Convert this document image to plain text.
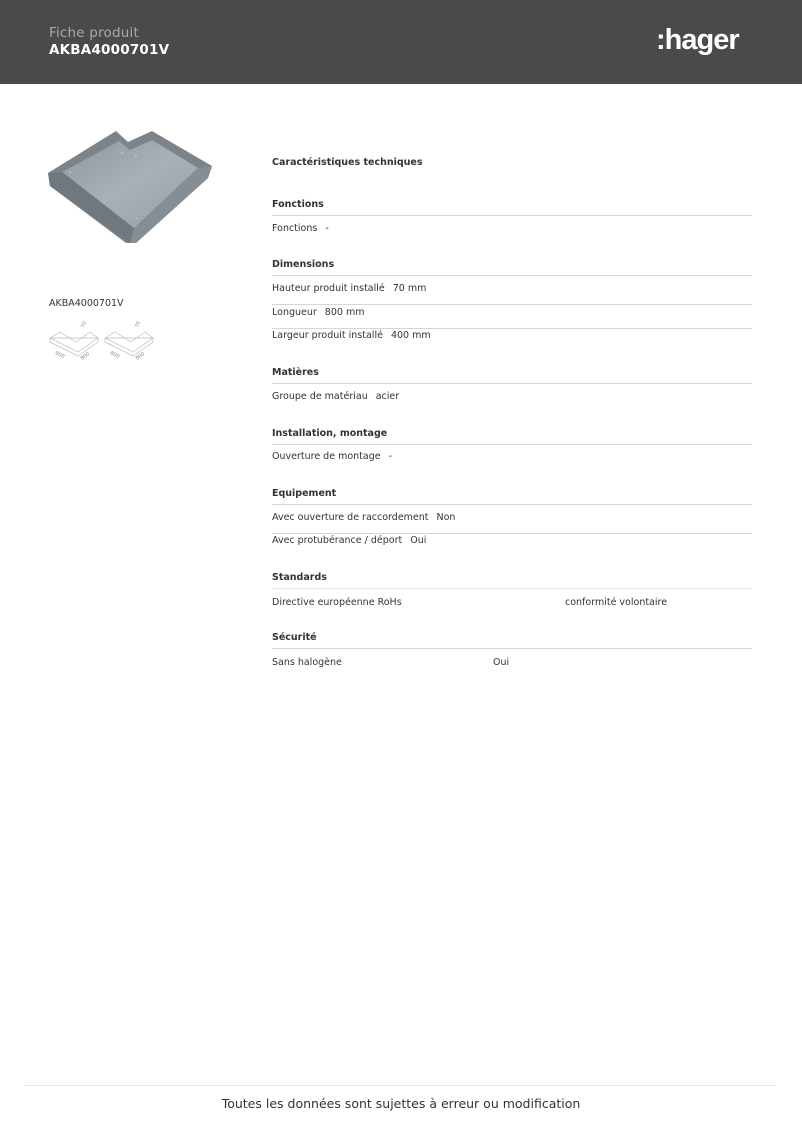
Fiche produit
AKBA4000701V	:hager
AKBA4000701V
70	70
800	800	800	800
Caractéristiques techniques
Fonctions
Fonctions -
Dimensions
Hauteur produit installé 70 mm
Longueur 800 mm
Largeur produit installé 400 mm
Matières
Groupe de matériau acier
Installation, montage
Ouverture de montage -
Equipement
Avec ouverture de raccordement Non
Avec protubérance / déport Oui
Standards
Directive européenne RoHs	conformité volontaire
Sécurité
Sans halogène	Oui
Toutes les données sont sujettes à erreur ou modification
